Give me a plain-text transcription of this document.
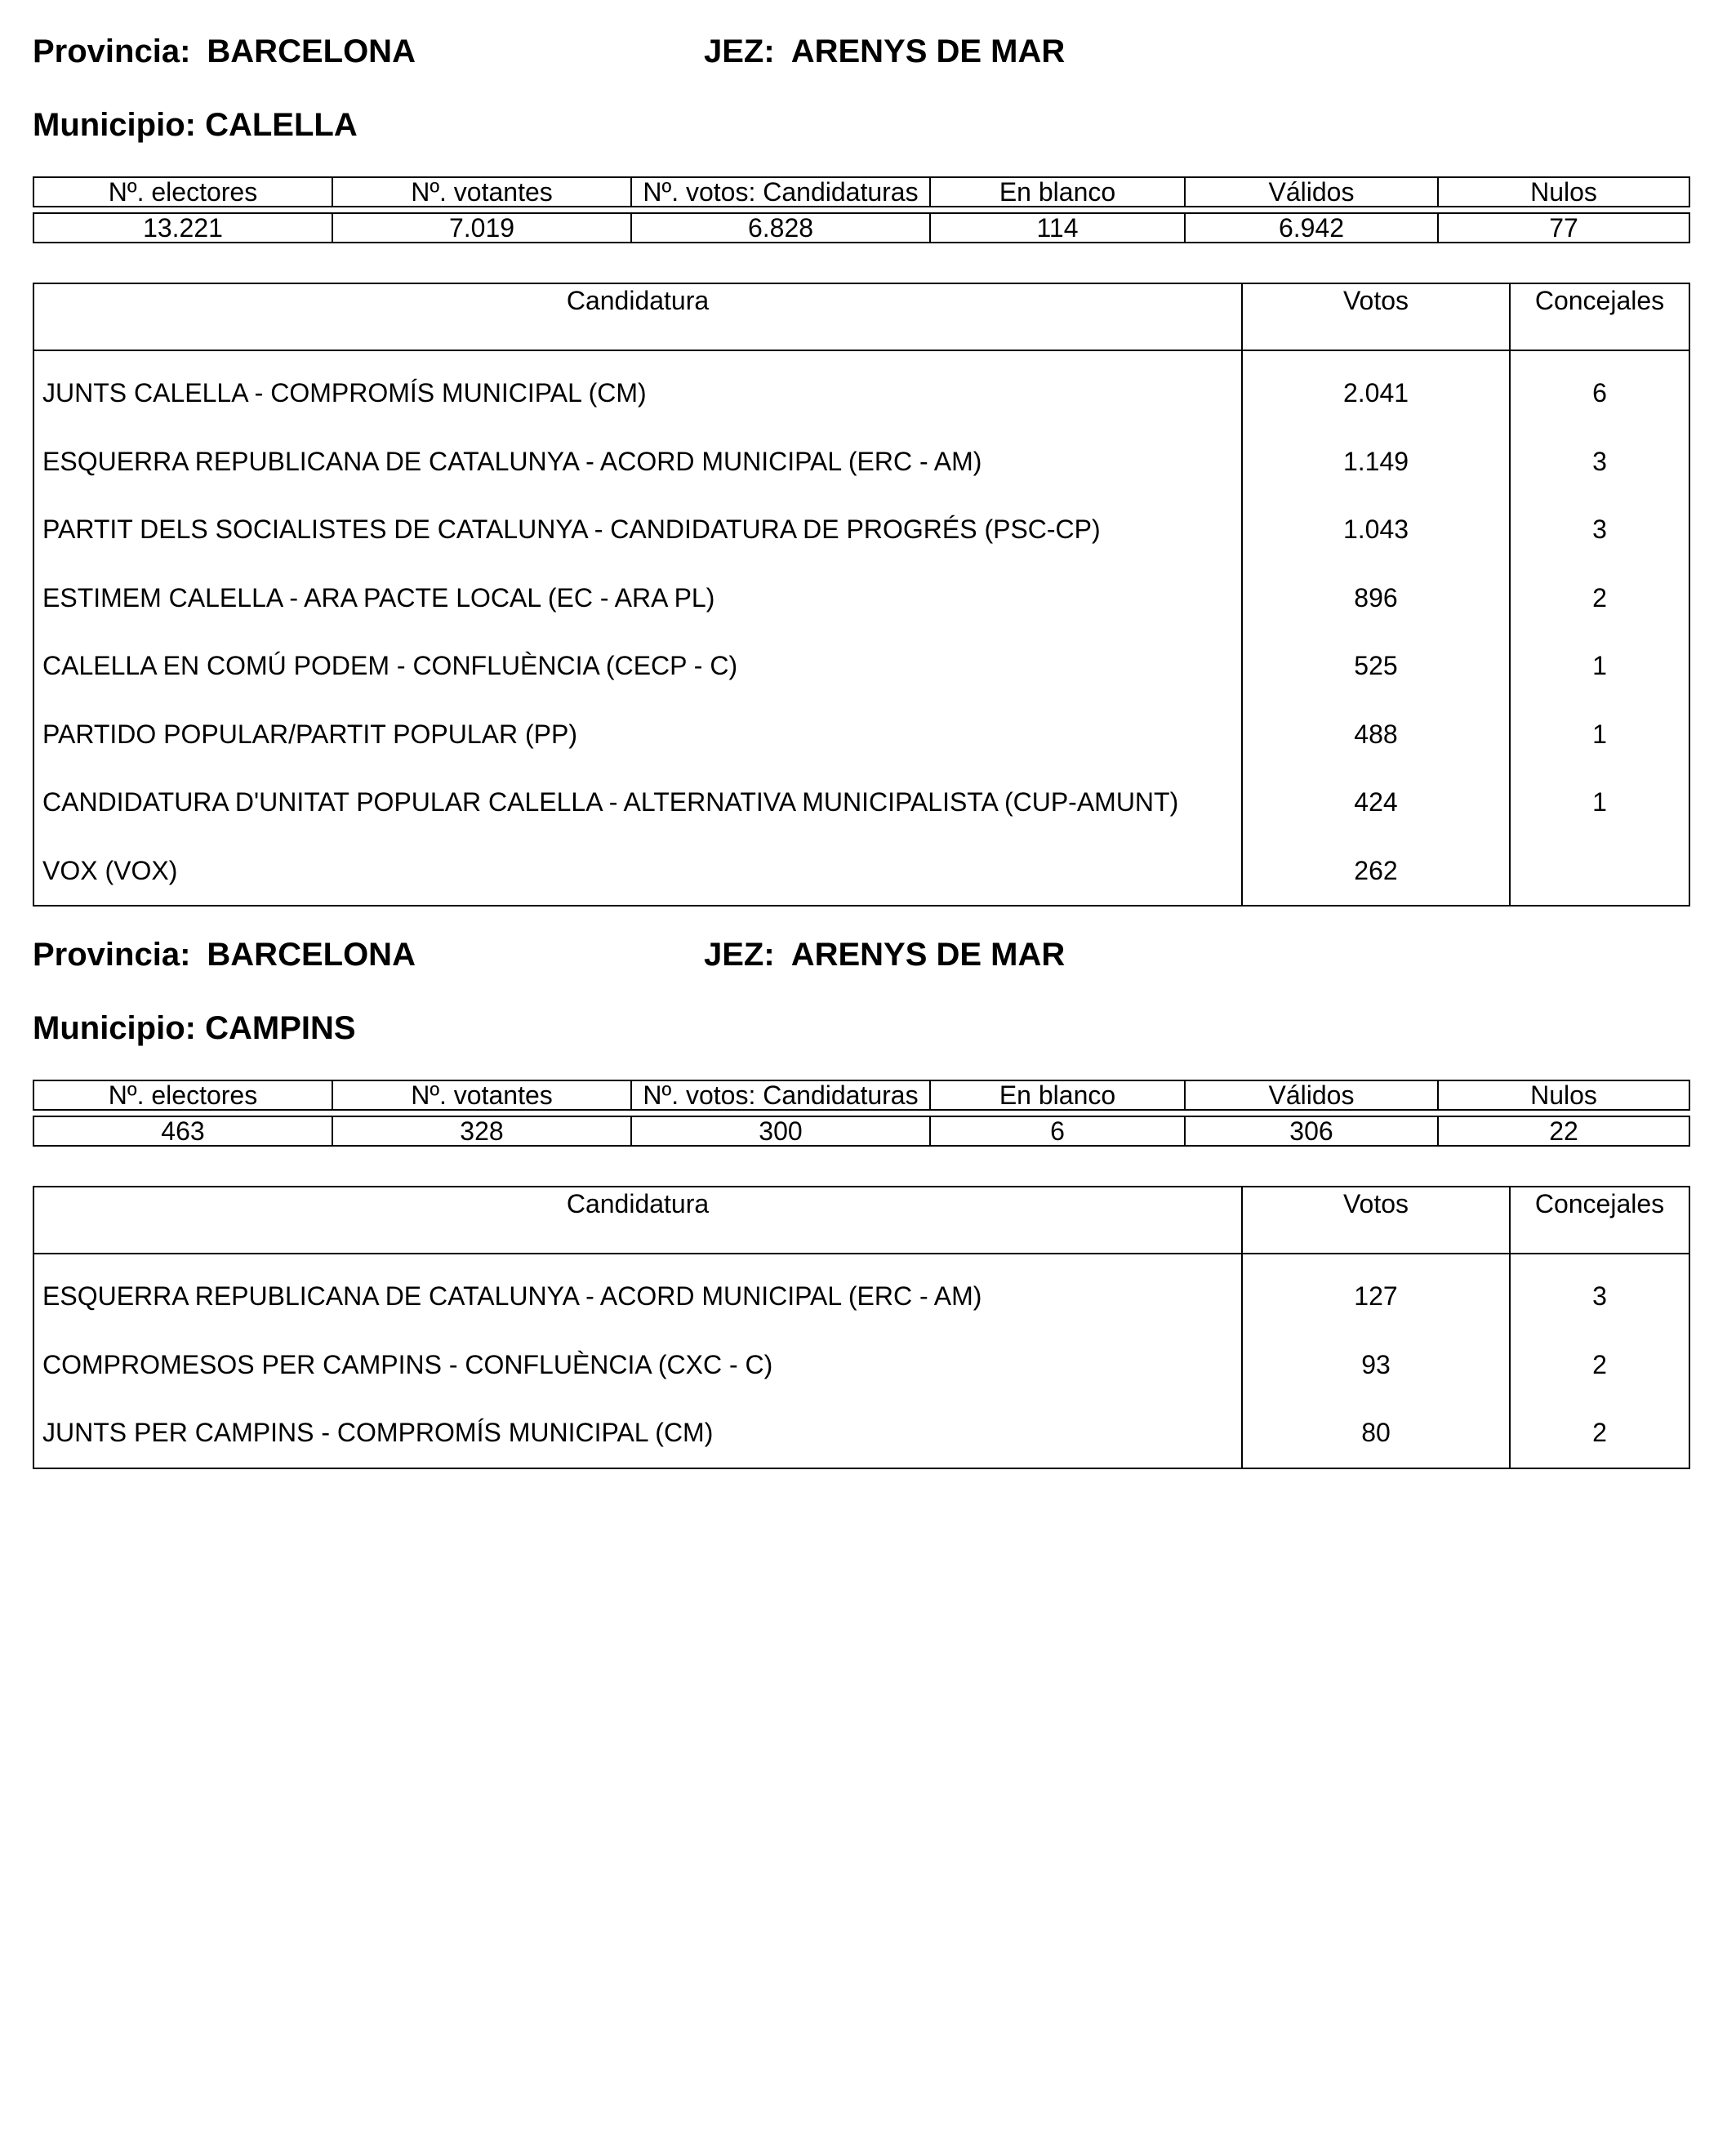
Provincia: BARCELONA	JEZ: ARENYS DE MAR
Municipio: CALELLA
Nº. electores	Nº. votantes	Nº. votos: Candidaturas	En blanco	Válidos	Nulos

13.221	7.019	6.828	114	6.942	77
Candidatura	Votos	Concejales
JUNTS CALELLA - COMPROMÍS MUNICIPAL (CM)	2.041	6
ESQUERRA REPUBLICANA DE CATALUNYA - ACORD MUNICIPAL (ERC - AM)	1.149	3
PARTIT DELS SOCIALISTES DE CATALUNYA - CANDIDATURA DE PROGRÉS (PSC-CP)	1.043	3
ESTIMEM CALELLA - ARA PACTE LOCAL (EC - ARA PL)	896	2
CALELLA EN COMÚ PODEM - CONFLUÈNCIA (CECP - C)	525	1
PARTIDO POPULAR/PARTIT POPULAR (PP)	488	1
CANDIDATURA D'UNITAT POPULAR CALELLA - ALTERNATIVA MUNICIPALISTA (CUP-AMUNT)	424	1
VOX (VOX)	262	
Provincia: BARCELONA	JEZ: ARENYS DE MAR
Municipio: CAMPINS
Nº. electores	Nº. votantes	Nº. votos: Candidaturas	En blanco	Válidos	Nulos

463	328	300	6	306	22
Candidatura	Votos	Concejales
ESQUERRA REPUBLICANA DE CATALUNYA - ACORD MUNICIPAL (ERC - AM)	127	3
COMPROMESOS PER CAMPINS - CONFLUÈNCIA (CXC - C)	93	2
JUNTS PER CAMPINS - COMPROMÍS MUNICIPAL (CM)	80	2
